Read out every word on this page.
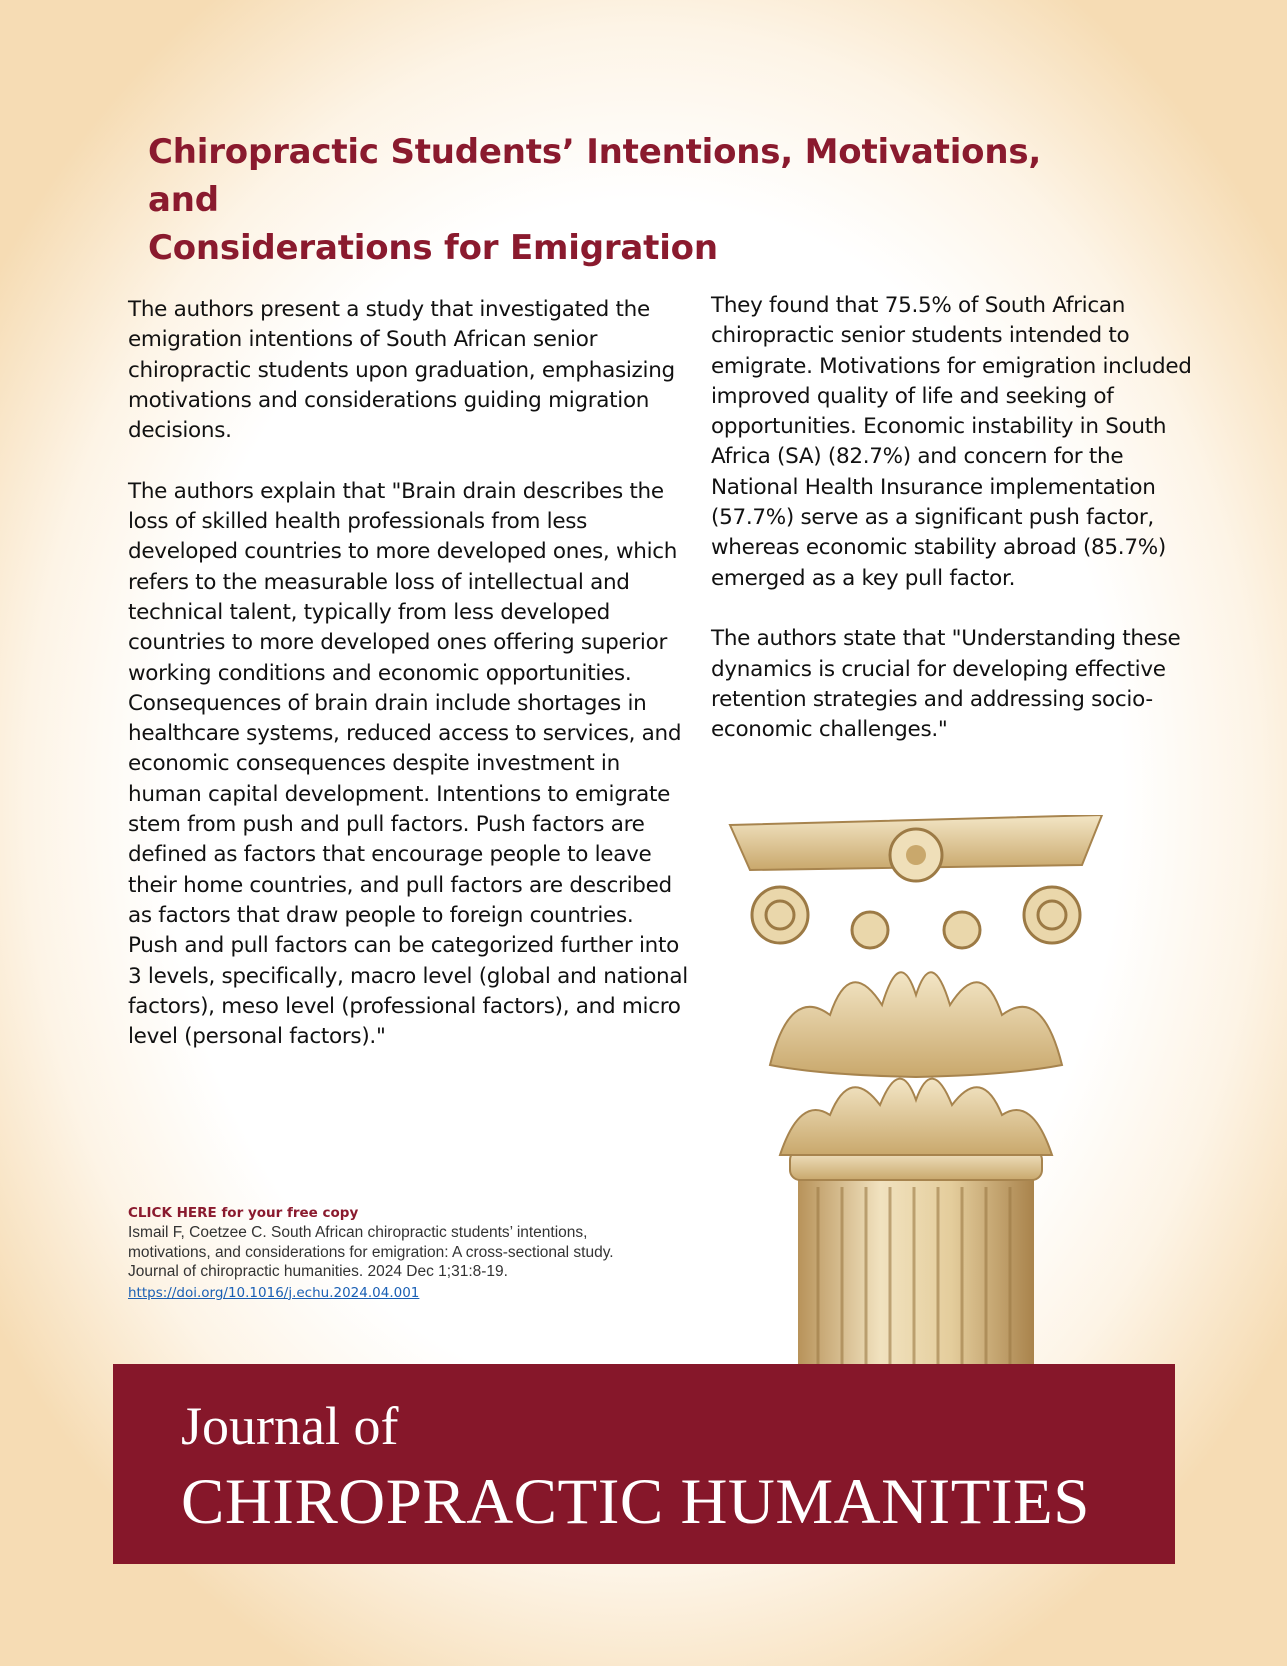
Chiropractic Students’ Intentions, Motivations, and
Considerations for Emigration

The authors present a study that investigated the emigration intentions of South African senior chiropractic students upon graduation, emphasizing motivations and considerations guiding migration decisions.

The authors explain that "Brain drain describes the loss of skilled health professionals from less developed countries to more developed ones, which refers to the measurable loss of intellectual and technical talent, typically from less developed countries to more developed ones offering superior working conditions and economic opportunities. Consequences of brain drain include shortages in healthcare systems, reduced access to services, and economic consequences despite investment in human capital development. Intentions to emigrate stem from push and pull factors. Push factors are defined as factors that encourage people to leave their home countries, and pull factors are described as factors that draw people to foreign countries. Push and pull factors can be categorized further into 3 levels, specifically, macro level (global and national factors), meso level (professional factors), and micro level (personal factors)."

They found that 75.5% of South African chiropractic senior students intended to emigrate. Motivations for emigration included improved quality of life and seeking of opportunities. Economic instability in South Africa (SA) (82.7%) and concern for the National Health Insurance implementation (57.7%) serve as a significant push factor, whereas economic stability abroad (85.7%) emerged as a key pull factor.

The authors state that "Understanding these dynamics is crucial for developing effective retention strategies and addressing socio-economic challenges."

CLICK HERE for your free copy
Ismail F, Coetzee C. South African chiropractic students’ intentions,
motivations, and considerations for emigration: A cross-sectional study.
Journal of chiropractic humanities. 2024 Dec 1;31:8-19.
https://doi.org/10.1016/j.echu.2024.04.001
Journal of
CHIROPRACTIC HUMANITIES
